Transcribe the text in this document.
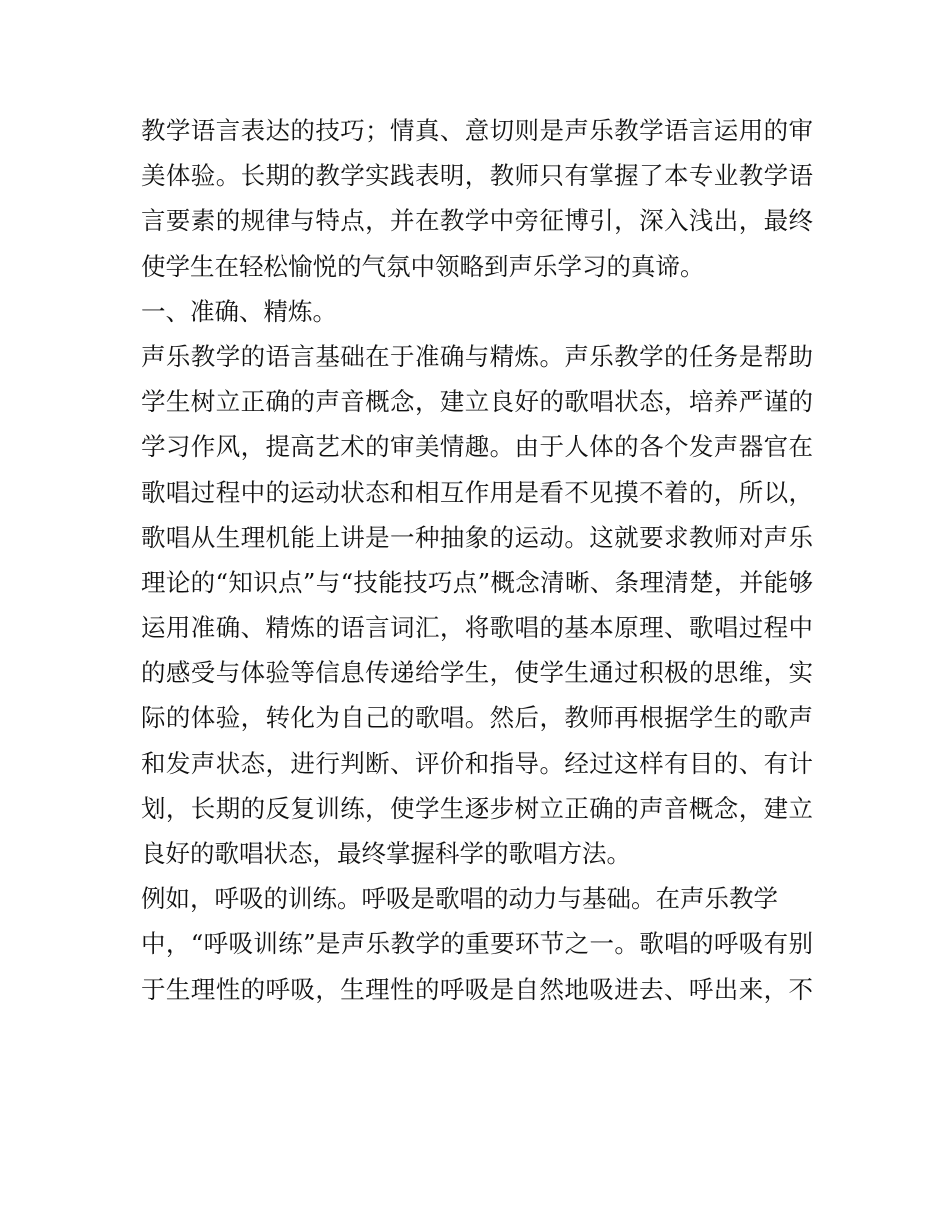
教学语言表达的技巧；情真、意切则是声乐教学语言运用的审
美体验。长期的教学实践表明，教师只有掌握了本专业教学语
言要素的规律与特点，并在教学中旁征博引，深入浅出，最终
使学生在轻松愉悦的气氛中领略到声乐学习的真谛。
一、准确、精炼。
声乐教学的语言基础在于准确与精炼。声乐教学的任务是帮助
学生树立正确的声音概念，建立良好的歌唱状态，培养严谨的
学习作风，提高艺术的审美情趣。由于人体的各个发声器官在
歌唱过程中的运动状态和相互作用是看不见摸不着的，所以，
歌唱从生理机能上讲是一种抽象的运动。这就要求教师对声乐
理论的“知识点”与“技能技巧点”概念清晰、条理清楚，并能够
运用准确、精炼的语言词汇，将歌唱的基本原理、歌唱过程中
的感受与体验等信息传递给学生，使学生通过积极的思维，实
际的体验，转化为自己的歌唱。然后，教师再根据学生的歌声
和发声状态，进行判断、评价和指导。经过这样有目的、有计
划，长期的反复训练，使学生逐步树立正确的声音概念，建立
良好的歌唱状态，最终掌握科学的歌唱方法。
例如，呼吸的训练。呼吸是歌唱的动力与基础。在声乐教学
中，“呼吸训练”是声乐教学的重要环节之一。歌唱的呼吸有别
于生理性的呼吸，生理性的呼吸是自然地吸进去、呼出来，不
